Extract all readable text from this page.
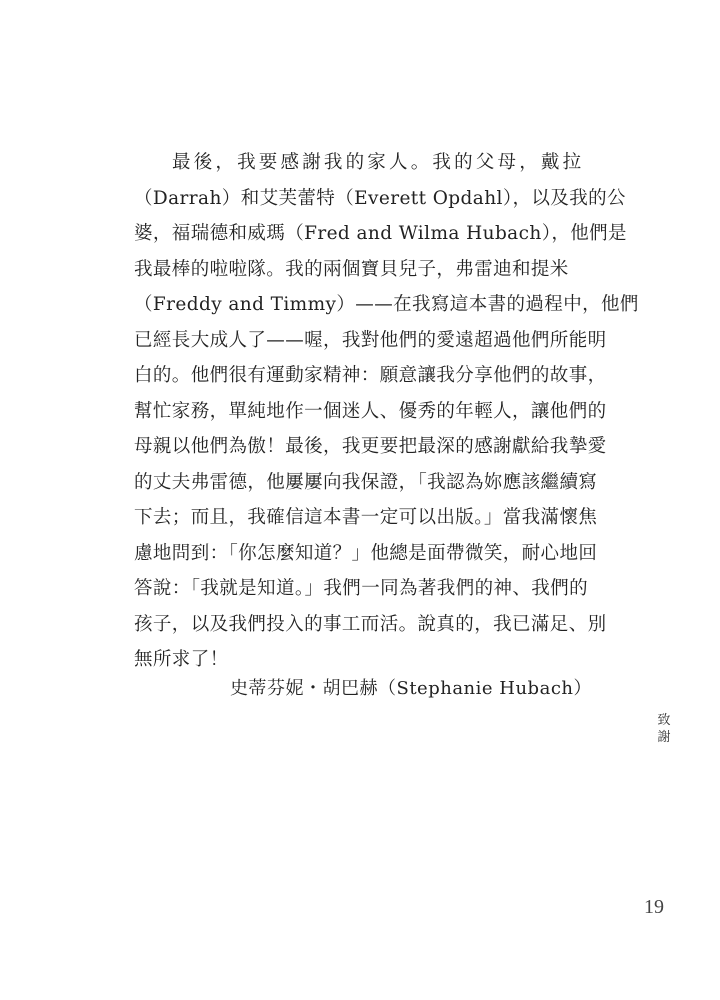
最後，我要感謝我的家人。我的父母，戴拉
（Darrah）和艾芙蕾特（Everett Opdahl），以及我的公
婆，福瑞德和威瑪（Fred and Wilma Hubach），他們是
我最棒的啦啦隊。我的兩個寶貝兒子，弗雷迪和提米
（Freddy and Timmy）——在我寫這本書的過程中，他們
已經長大成人了——喔，我對他們的愛遠超過他們所能明
白的。他們很有運動家精神：願意讓我分享他們的故事，
幫忙家務，單純地作一個迷人、優秀的年輕人，讓他們的
母親以他們為傲！最後，我更要把最深的感謝獻給我摯愛
的丈夫弗雷德，他屢屢向我保證，「我認為妳應該繼續寫
下去；而且，我確信這本書一定可以出版。」當我滿懷焦
慮地問到：「你怎麼知道？」他總是面帶微笑，耐心地回
答說：「我就是知道。」我們一同為著我們的神、我們的
孩子，以及我們投入的事工而活。說真的，我已滿足、別
無所求了！
史蒂芬妮・胡巴赫（Stephanie Hubach）
致
謝
19
